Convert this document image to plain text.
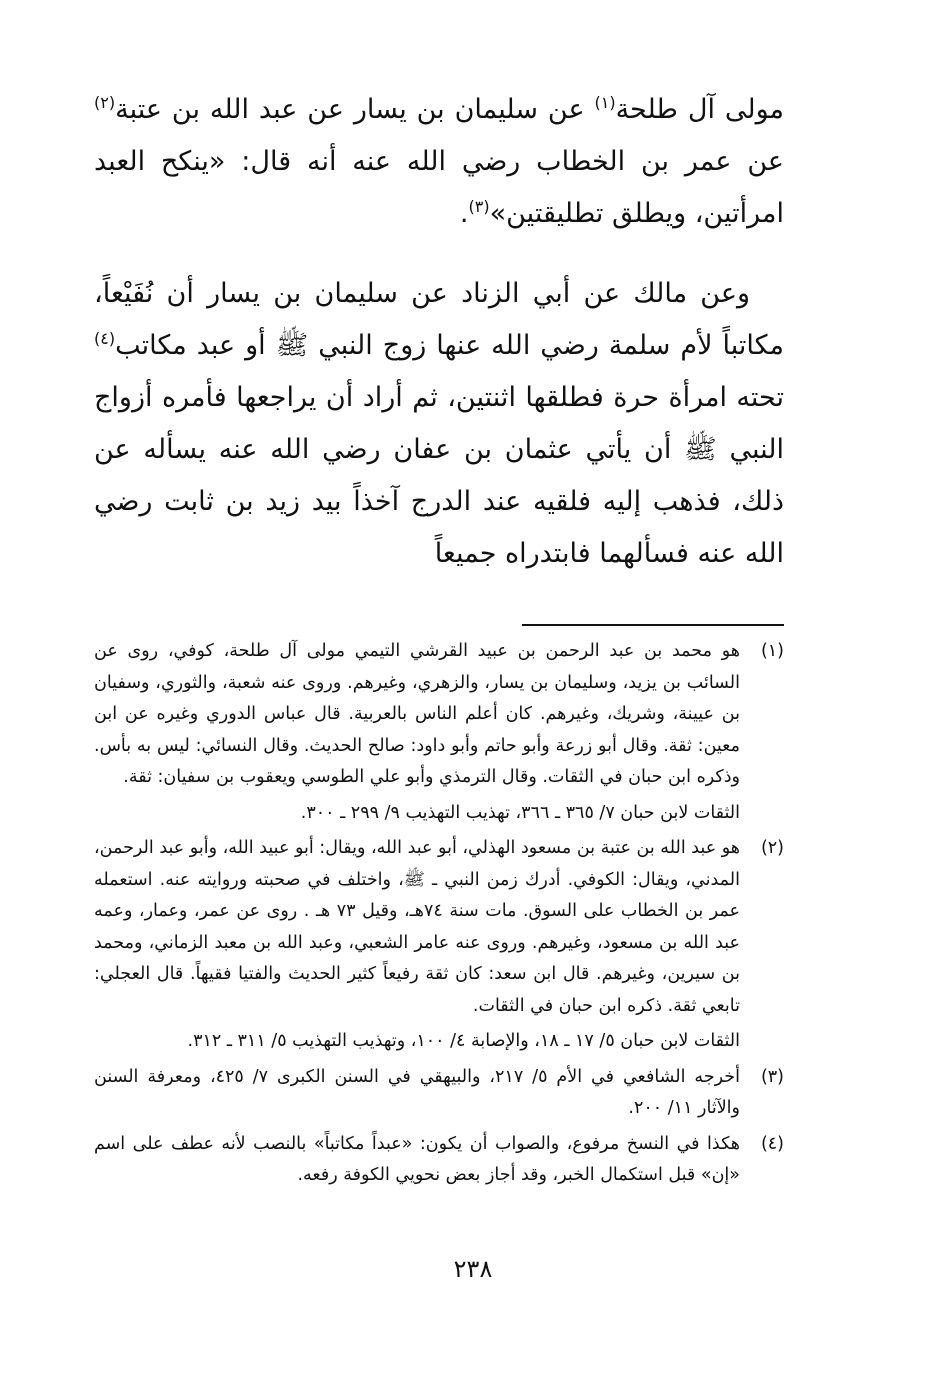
مولى آل طلحة$^{(١)}$ عن سليمان بن يسار عن عبد الله بن عتبة$^{(٢)}$ عن عمر بن الخطاب رضي الله عنه أنه قال: «ينكح العبد امرأتين، ويطلق تطليقتين»$^{(٣)}$.

وعن مالك عن أبي الزناد عن سليمان بن يسار أن نُفَيْعاً، مكاتباً لأم سلمة رضي الله عنها زوج النبي ﷺ أو عبد مكاتب$^{(٤)}$ تحته امرأة حرة فطلقها اثنتين، ثم أراد أن يراجعها فأمره أزواج النبي ﷺ أن يأتي عثمان بن عفان رضي الله عنه يسأله عن ذلك، فذهب إليه فلقيه عند الدرج آخذاً بيد زيد بن ثابت رضي الله عنه فسألهما فابتدراه جميعاً

(١)

هو محمد بن عبد الرحمن بن عبيد القرشي التيمي مولى آل طلحة، كوفي، روى عن السائب بن يزيد، وسليمان بن يسار، والزهري، وغيرهم. وروى عنه شعبة، والثوري، وسفيان بن عيينة، وشريك، وغيرهم. كان أعلم الناس بالعربية. قال عباس الدوري وغيره عن ابن معين: ثقة. وقال أبو زرعة وأبو حاتم وأبو داود: صالح الحديث. وقال النسائي: ليس به بأس. وذكره ابن حبان في الثقات. وقال الترمذي وأبو علي الطوسي ويعقوب بن سفيان: ثقة.

الثقات لابن حبان ٧/ ٣٦٥ ـ ٣٦٦، تهذيب التهذيب ٩/ ٢٩٩ ـ ٣٠٠.

(٢)

هو عبد الله بن عتبة بن مسعود الهذلي، أبو عبد الله، ويقال: أبو عبيد الله، وأبو عبد الرحمن، المدني، ويقال: الكوفي. أدرك زمن النبي ـ ﷺ، واختلف في صحبته وروايته عنه. استعمله عمر بن الخطاب على السوق. مات سنة ٧٤هـ، وقيل ٧٣ هـ . روى عن عمر، وعمار، وعمه عبد الله بن مسعود، وغيرهم. وروى عنه عامر الشعبي، وعبد الله بن معبد الزماني، ومحمد بن سيرين، وغيرهم. قال ابن سعد: كان ثقة رفيعاً كثير الحديث والفتيا فقيهاً. قال العجلي: تابعي ثقة. ذكره ابن حبان في الثقات.

الثقات لابن حبان ٥/ ١٧ ـ ١٨، والإصابة ٤/ ١٠٠، وتهذيب التهذيب ٥/ ٣١١ ـ ٣١٢.

(٣)

أخرجه الشافعي في الأم ٥/ ٢١٧، والبيهقي في السنن الكبرى ٧/ ٤٢٥، ومعرفة السنن والآثار ١١/ ٢٠٠.

(٤)

هكذا في النسخ مرفوع، والصواب أن يكون: «عبداً مكاتباً» بالنصب لأنه عطف على اسم «إن» قبل استكمال الخبر، وقد أجاز بعض نحويي الكوفة رفعه.

٢٣٨
